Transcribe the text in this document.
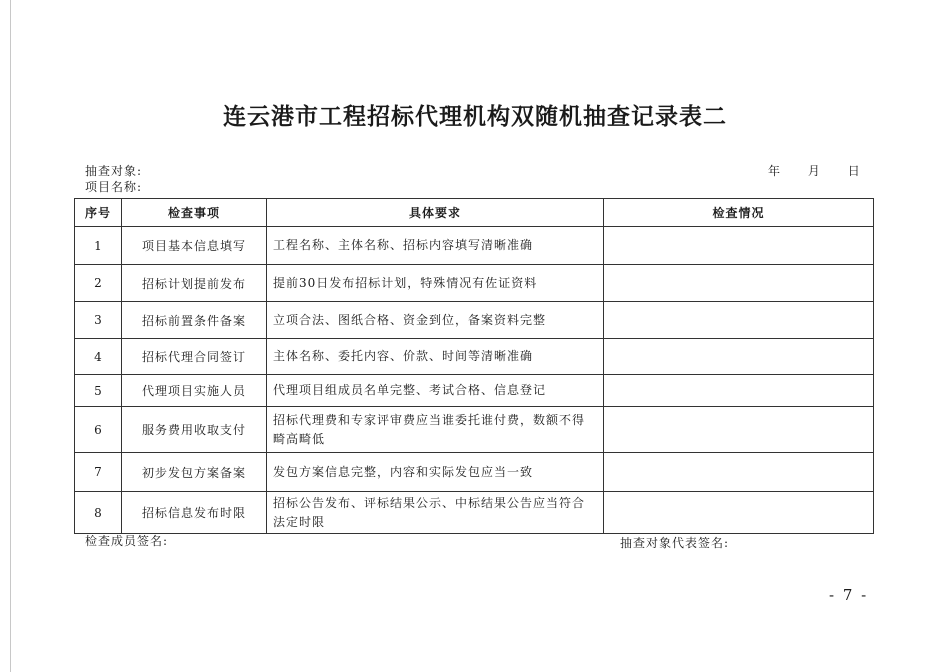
连云港市工程招标代理机构双随机抽查记录表二
抽查对象:
项目名称:
年 月 日
序号	检查事项	具体要求	检查情况
1	项目基本信息填写	工程名称、主体名称、招标内容填写清晰准确	
2	招标计划提前发布	提前30日发布招标计划，特殊情况有佐证资料	
3	招标前置条件备案	立项合法、图纸合格、资金到位，备案资料完整	
4	招标代理合同签订	主体名称、委托内容、价款、时间等清晰准确	
5	代理项目实施人员	代理项目组成员名单完整、考试合格、信息登记	
6	服务费用收取支付	招标代理费和专家评审费应当谁委托谁付费，数额不得畸高畸低	
7	初步发包方案备案	发包方案信息完整，内容和实际发包应当一致	
8	招标信息发布时限	招标公告发布、评标结果公示、中标结果公告应当符合法定时限	
检查成员签名:	抽查对象代表签名:
- 7 -
